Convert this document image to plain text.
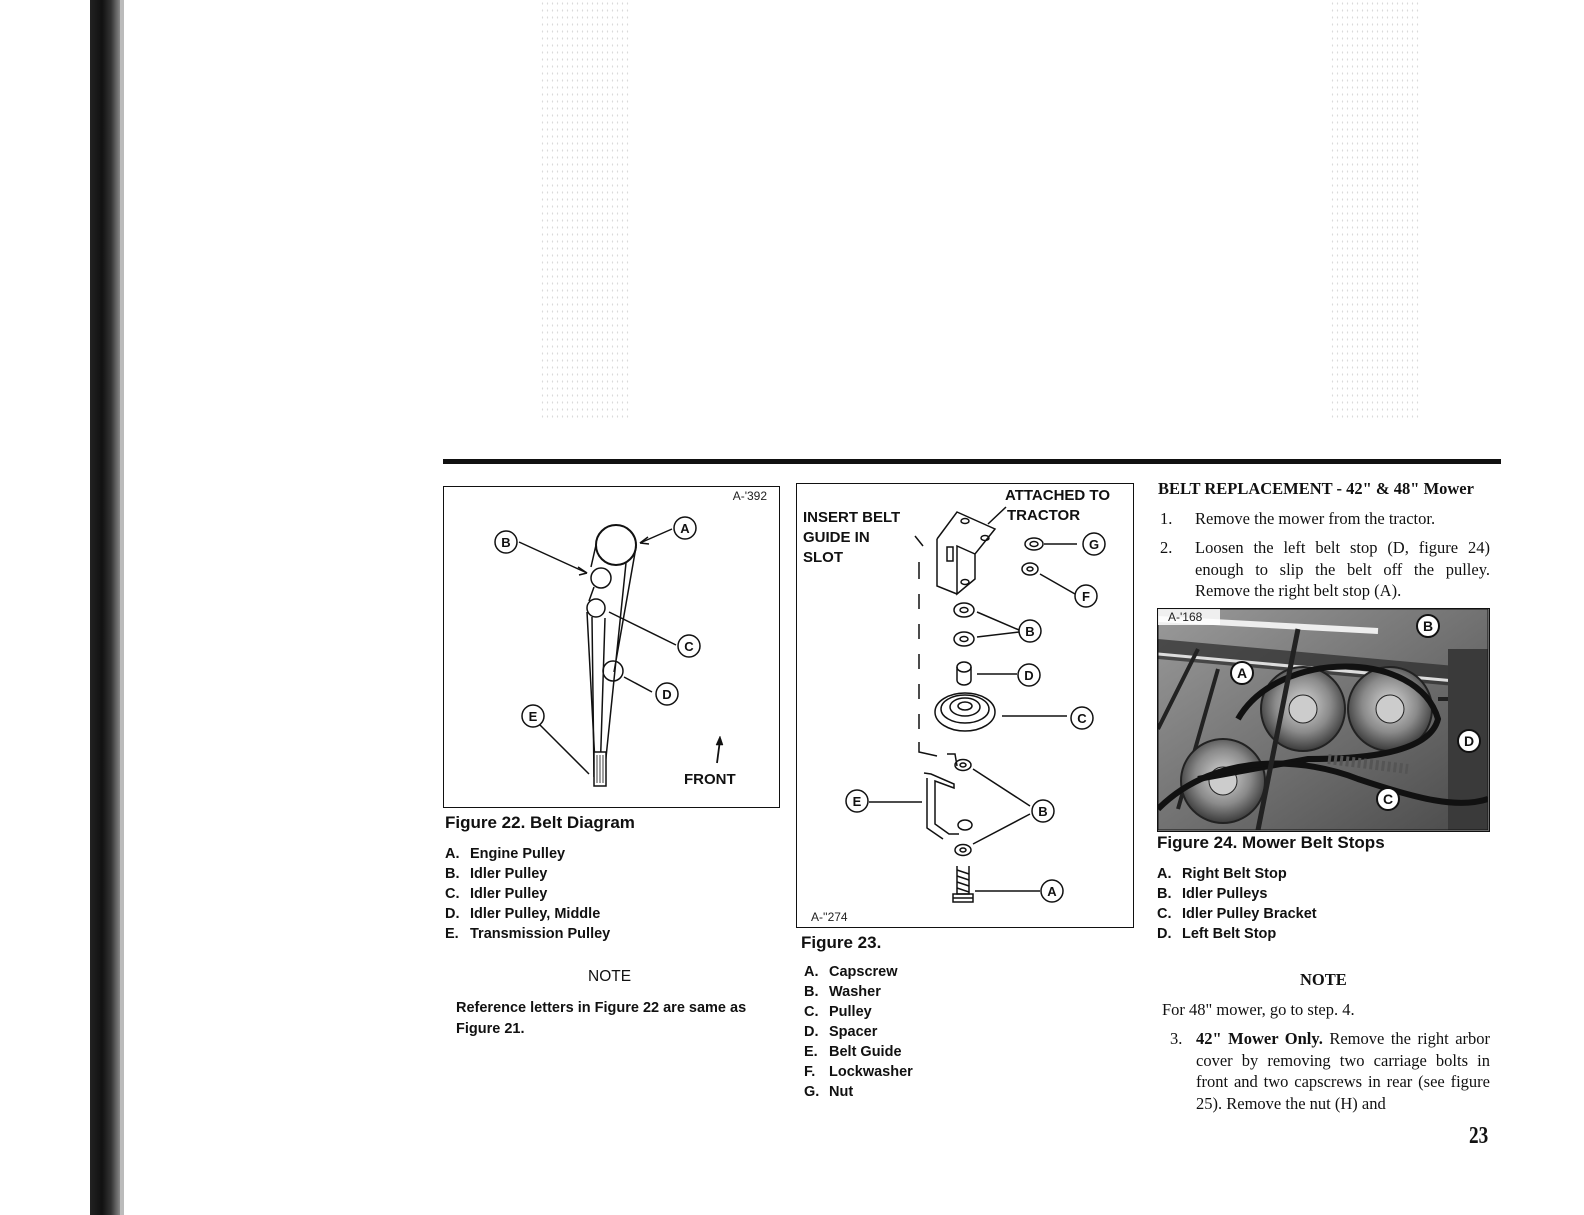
A-'392
B
A
C
D
E
FRONT
Figure 22. Belt Diagram
A. Engine Pulley
B. Idler Pulley
C. Idler Pulley
D. Idler Pulley, Middle
E. Transmission Pulley
NOTE
Reference letters in Figure 22 are same as Figure 21.
INSERT BELT
GUIDE IN
SLOT
ATTACHED TO
TRACTOR
G
F
B
D
C
E
B
A
A-''274
Figure 23.
A. Capscrew
B. Washer
C. Pulley
D. Spacer
E. Belt Guide
F. Lockwasher
G. Nut
BELT REPLACEMENT - 42" & 48" Mower
1. Remove the mower from the tractor.
2. Loosen the left belt stop (D, figure 24) enough to slip the belt off the pulley. Remove the right belt stop (A).
A
B
D
C
A-'168
Figure 24. Mower Belt Stops
A. Right Belt Stop
B. Idler Pulleys
C. Idler Pulley Bracket
D. Left Belt Stop
NOTE
For 48" mower, go to step. 4.
3. 42" Mower Only. Remove the right arbor cover by removing two carriage bolts in front and two capscrews in rear (see figure 25). Remove the nut (H) and
23
